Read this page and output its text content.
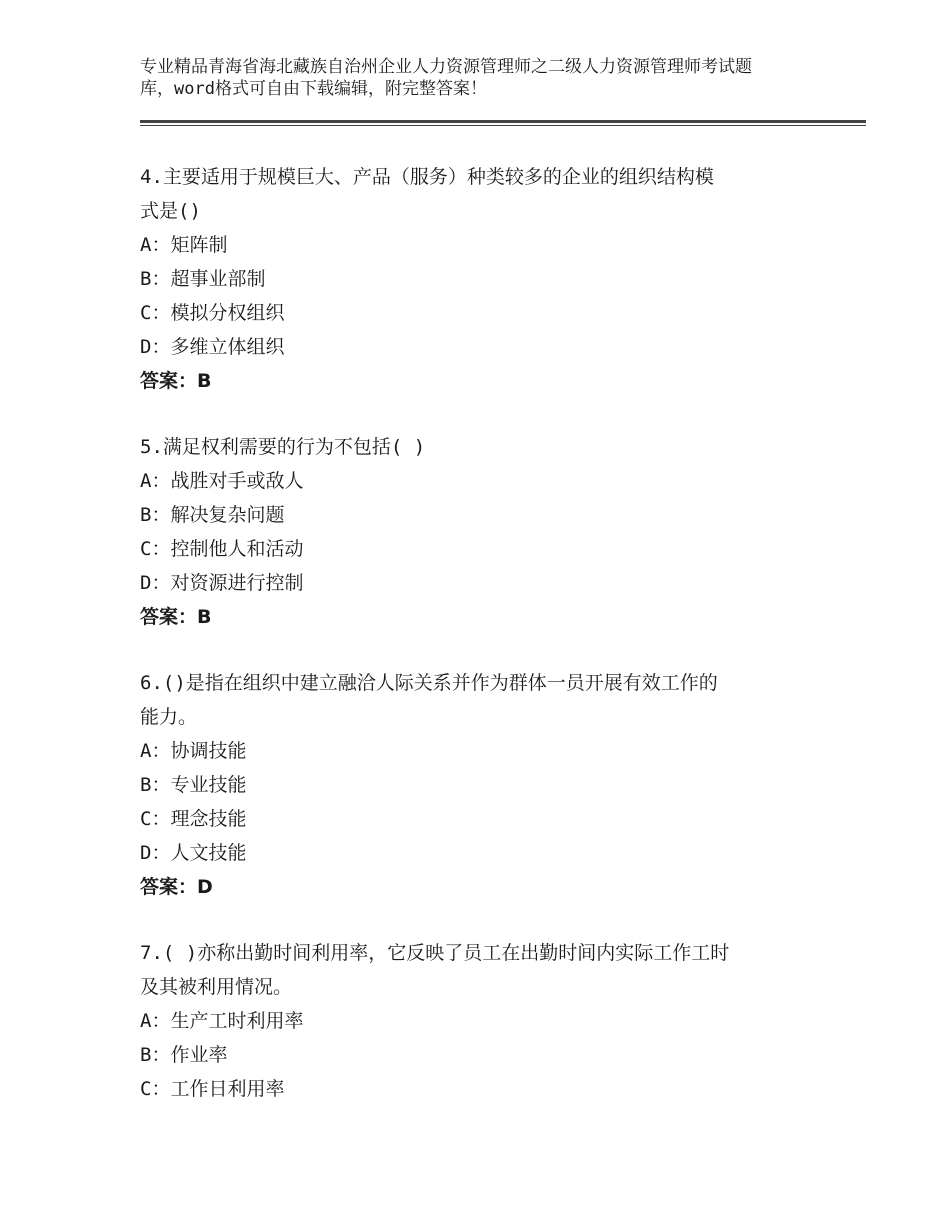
专业精品青海省海北藏族自治州企业人力资源管理师之二级人力资源管理师考试题
库，word格式可自由下载编辑，附完整答案！
4.主要适用于规模巨大、产品（服务）种类较多的企业的组织结构模
式是()
A：矩阵制
B：超事业部制
C：模拟分权组织
D：多维立体组织
答案：B
5.满足权利需要的行为不包括( )
A：战胜对手或敌人
B：解决复杂问题
C：控制他人和活动
D：对资源进行控制
答案：B
6.()是指在组织中建立融洽人际关系并作为群体一员开展有效工作的
能力。
A：协调技能
B：专业技能
C：理念技能
D：人文技能
答案：D
7.( )亦称出勤时间利用率，它反映了员工在出勤时间内实际工作工时
及其被利用情况。
A：生产工时利用率
B：作业率
C：工作日利用率
